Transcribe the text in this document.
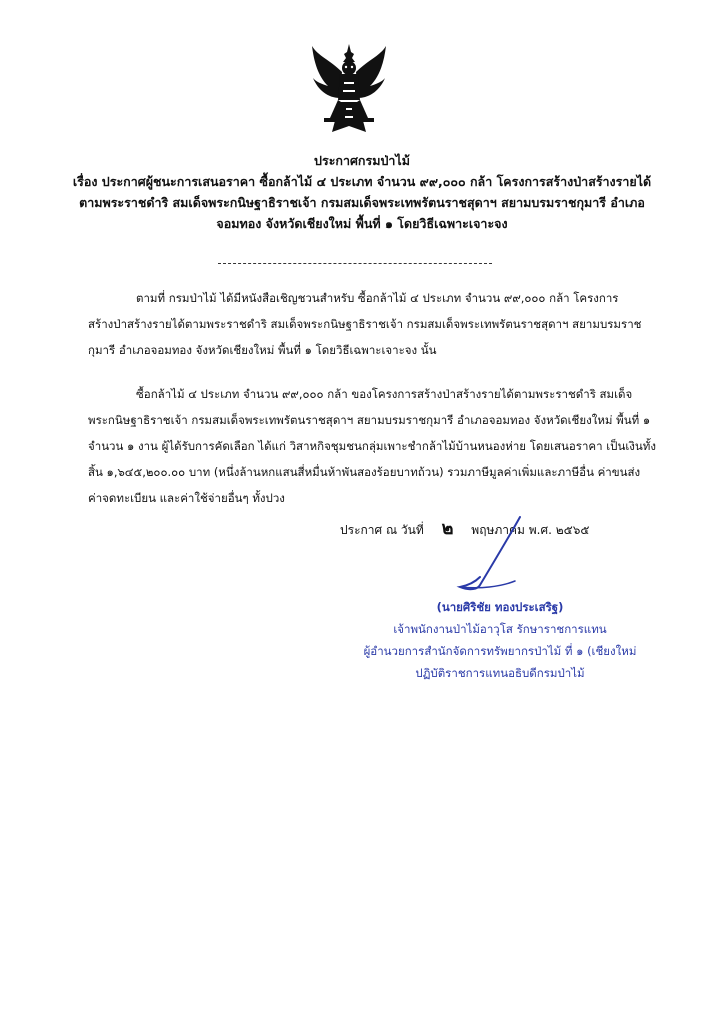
ประกาศกรมป่าไม้
เรื่อง ประกาศผู้ชนะการเสนอราคา ซื้อกล้าไม้ ๔ ประเภท จำนวน ๙๙,๐๐๐ กล้า โครงการสร้างป่าสร้างรายได้
ตามพระราชดำริ สมเด็จพระกนิษฐาธิราชเจ้า กรมสมเด็จพระเทพรัตนราชสุดาฯ สยามบรมราชกุมารี อำเภอ
จอมทอง จังหวัดเชียงใหม่ พื้นที่ ๑ โดยวิธีเฉพาะเจาะจง
ตามที่ กรมป่าไม้ ได้มีหนังสือเชิญชวนสำหรับ ซื้อกล้าไม้ ๔ ประเภท จำนวน ๙๙,๐๐๐ กล้า โครงการ
สร้างป่าสร้างรายได้ตามพระราชดำริ สมเด็จพระกนิษฐาธิราชเจ้า กรมสมเด็จพระเทพรัตนราชสุดาฯ สยามบรมราช
กุมารี อำเภอจอมทอง จังหวัดเชียงใหม่ พื้นที่ ๑ โดยวิธีเฉพาะเจาะจง นั้น
ซื้อกล้าไม้ ๔ ประเภท จำนวน ๙๙,๐๐๐ กล้า ของโครงการสร้างป่าสร้างรายได้ตามพระราชดำริ สมเด็จ
พระกนิษฐาธิราชเจ้า กรมสมเด็จพระเทพรัตนราชสุดาฯ สยามบรมราชกุมารี อำเภอจอมทอง จังหวัดเชียงใหม่ พื้นที่ ๑
จำนวน ๑ งาน ผู้ได้รับการคัดเลือก ได้แก่ วิสาหกิจชุมชนกลุ่มเพาะชำกล้าไม้บ้านหนองห่าย โดยเสนอราคา เป็นเงินทั้ง
สิ้น ๑,๖๔๕,๒๐๐.๐๐ บาท (หนึ่งล้านหกแสนสี่หมื่นห้าพันสองร้อยบาทถ้วน) รวมภาษีมูลค่าเพิ่มและภาษีอื่น ค่าขนส่ง
ค่าจดทะเบียน และค่าใช้จ่ายอื่นๆ ทั้งปวง
ประกาศ ณ วันที่ ๒ พฤษภาคม พ.ศ. ๒๕๖๕
(นายศิริชัย ทองประเสริฐ)
เจ้าพนักงานป่าไม้อาวุโส รักษาราชการแทน
ผู้อำนวยการสำนักจัดการทรัพยากรป่าไม้ ที่ ๑ (เชียงใหม่
ปฏิบัติราชการแทนอธิบดีกรมป่าไม้
